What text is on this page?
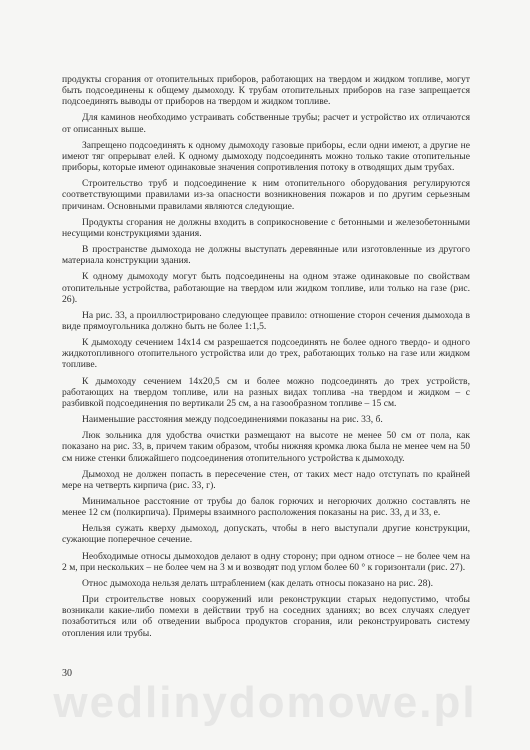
продукты сгорания от отопительных приборов, работающих на твердом и жидком топливе, могут быть подсоединены к общему дымоходу. К трубам отопительных приборов на газе запрещается подсоединять выводы от приборов на твердом и жидком топливе.

Для каминов необходимо устраивать собственные трубы; расчет и устройство их отличаются от описанных выше.

Запрещено подсоединять к одному дымоходу газовые приборы, если одни имеют, а другие не имеют тяг опрерыват елей. К одному дымоходу подсоединять можно только такие отопительные приборы, которые имеют одинаковые значения сопротивления потоку в отводящих дым трубах.

Строительство труб и подсоединение к ним отопительного оборудования регулируются соответствующими правилами из-за опасности возникновения пожаров и по другим серьезным причинам. Основными правилами являются следующие.

Продукты сгорания не должны входить в соприкосновение с бетонными и железобетонными несущими конструкциями здания.

В пространстве дымохода не должны выступать деревянные или изготовленные из другого материала конструкции здания.

К одному дымоходу могут быть подсоединены на одном этаже одинаковые по свойствам отопительные устройства, работающие на твердом или жидком топливе, или только на газе (рис. 26).

На рис. 33, а проиллюстрировано следующее правило: отношение сторон сечения дымохода в виде прямоугольника должно быть не более 1:1,5.

К дымоходу сечением 14х14 см разрешается подсоединять не более одного твердо- и одного жидкотопливного отопительного устройства или до трех, работающих только на газе или жидком топливе.

К дымоходу сечением 14х20,5 см и более можно подсоединять до трех устройств, работающих на твердом топливе, или на разных видах топлива -на твердом и жидком – с разбивкой подсоединения по вертикали 25 см, а на газообразном топливе – 15 см.

Наименьшие расстояния между подсоединениями показаны на рис. 33, б.

Люк зольника для удобства очистки размещают на высоте не менее 50 см от пола, как показано на рис. 33, в, причем таким образом, чтобы нижняя кромка люка была не менее чем на 50 см ниже стенки ближайшего подсоединения отопительного устройства к дымоходу.

Дымоход не должен попасть в пересечение стен, от таких мест надо отступать по крайней мере на четверть кирпича (рис. 33, г).

Минимальное расстояние от трубы до балок горючих и негорючих должно составлять не менее 12 см (полкирпича). Примеры взаимного расположения показаны на рис. 33, д и 33, е.

Нельзя сужать кверху дымоход, допускать, чтобы в него выступали другие конструкции, сужающие поперечное сечение.

Необходимые относы дымоходов делают в одну сторону; при одном относе – не более чем на 2 м, при нескольких – не более чем на 3 м и возводят под углом более 60 ° к горизонтали (рис. 27).

Относ дымохода нельзя делать штраблением (как делать относы показано на рис. 28).

При строительстве новых сооружений или реконструкции старых недопустимо, чтобы возникали какие-либо помехи в действии труб на соседних зданиях; во всех случаях следует позаботиться или об отведении выброса продуктов сгорания, или реконструировать систему отопления или трубы.

30
wedlinydomowe.pl
